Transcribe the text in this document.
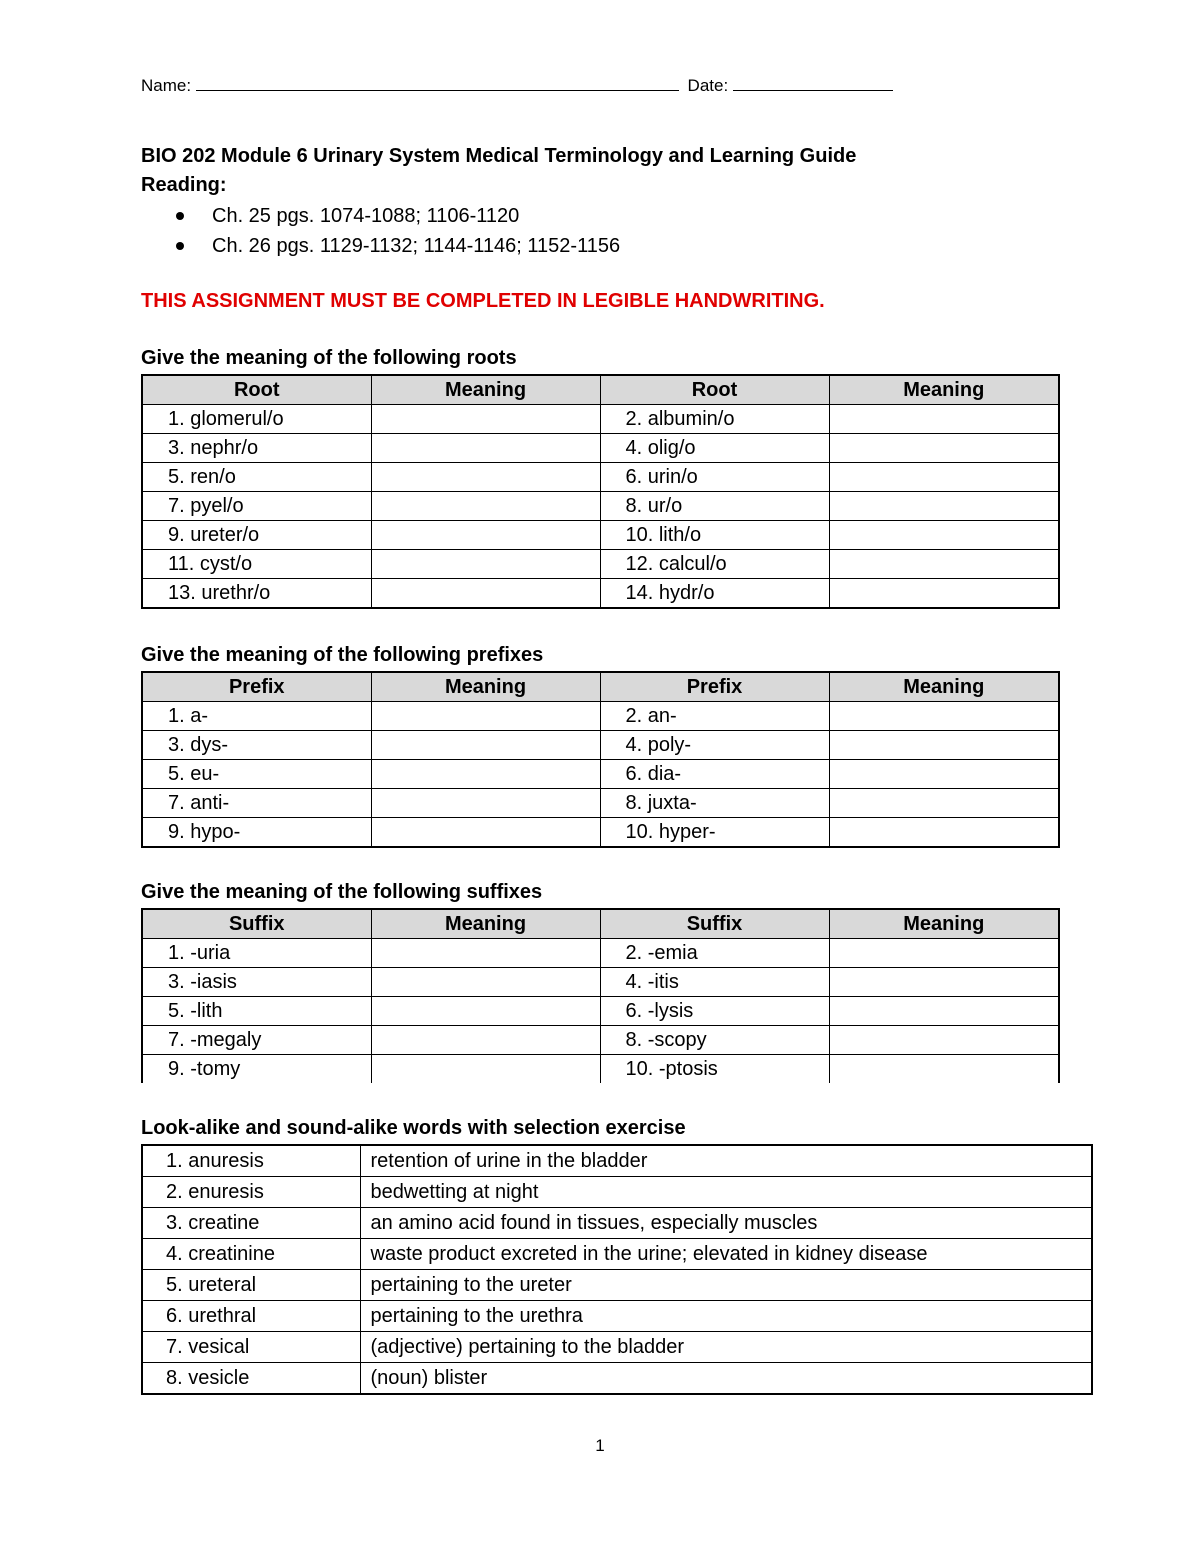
Name:	Date:
BIO 202 Module 6 Urinary System Medical Terminology and Learning Guide
Reading:
Ch. 25 pgs. 1074-1088; 1106-1120
Ch. 26 pgs. 1129-1132; 1144-1146; 1152-1156
THIS ASSIGNMENT MUST BE COMPLETED IN LEGIBLE HANDWRITING.
Give the meaning of the following roots
Root	Meaning	Root	Meaning
1. glomerul/o		2. albumin/o	
3. nephr/o		4. olig/o	
5. ren/o		6. urin/o	
7. pyel/o		8. ur/o	
9. ureter/o		10. lith/o	
11. cyst/o		12. calcul/o	
13. urethr/o		14. hydr/o	
Give the meaning of the following prefixes
Prefix	Meaning	Prefix	Meaning
1. a-		2. an-	
3. dys-		4. poly-	
5. eu-		6. dia-	
7. anti-		8. juxta-	
9. hypo-		10. hyper-	
Give the meaning of the following suffixes
Suffix	Meaning	Suffix	Meaning
1. -uria		2. -emia	
3. -iasis		4. -itis	
5. -lith		6. -lysis	
7. -megaly		8. -scopy	
9. -tomy		10. -ptosis	
Look-alike and sound-alike words with selection exercise
1. anuresis	retention of urine in the bladder
2. enuresis	bedwetting at night
3. creatine	an amino acid found in tissues, especially muscles
4. creatinine	waste product excreted in the urine; elevated in kidney disease
5. ureteral	pertaining to the ureter
6. urethral	pertaining to the urethra
7. vesical	(adjective) pertaining to the bladder
8. vesicle	(noun) blister
1
